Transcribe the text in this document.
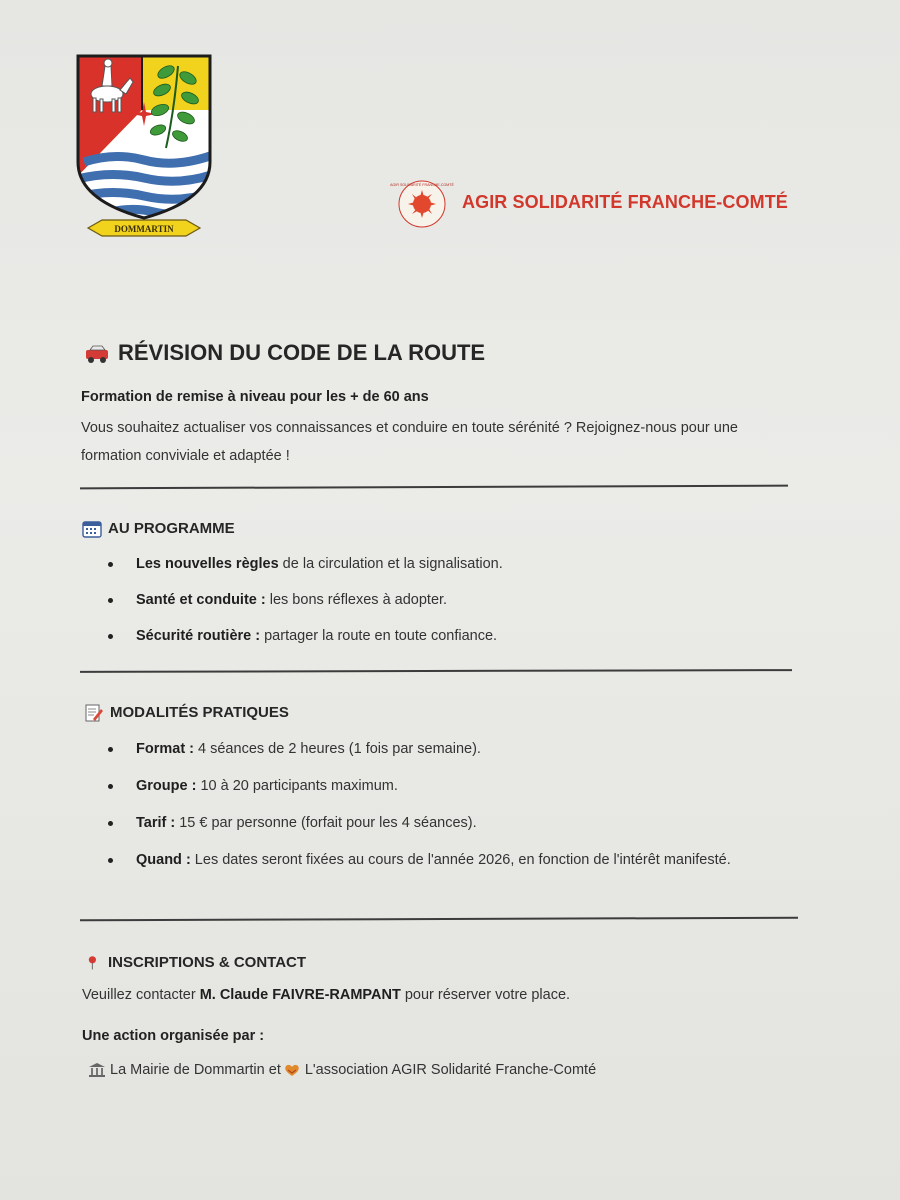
DOMMARTIN
AGIR SOLIDARITÉ FRANCHE-COMTÉ
AGIR SOLIDARITÉ FRANCHE-COMTÉ
RÉVISION DU CODE DE LA ROUTE
Formation de remise à niveau pour les + de 60 ans
Vous souhaitez actualiser vos connaissances et conduire en toute sérénité ? Rejoignez-nous pour une formation conviviale et adaptée !
AU PROGRAMME
Les nouvelles règles de la circulation et la signalisation.
Santé et conduite : les bons réflexes à adopter.
Sécurité routière : partager la route en toute confiance.
MODALITÉS PRATIQUES
Format : 4 séances de 2 heures (1 fois par semaine).
Groupe : 10 à 20 participants maximum.
Tarif : 15 € par personne (forfait pour les 4 séances).
Quand : Les dates seront fixées au cours de l'année 2026, en fonction de l'intérêt manifesté.
INSCRIPTIONS & CONTACT
Veuillez contacter M. Claude FAIVRE-RAMPANT pour réserver votre place.
Une action organisée par :
La Mairie de Dommartin et L'association AGIR Solidarité Franche-Comté
